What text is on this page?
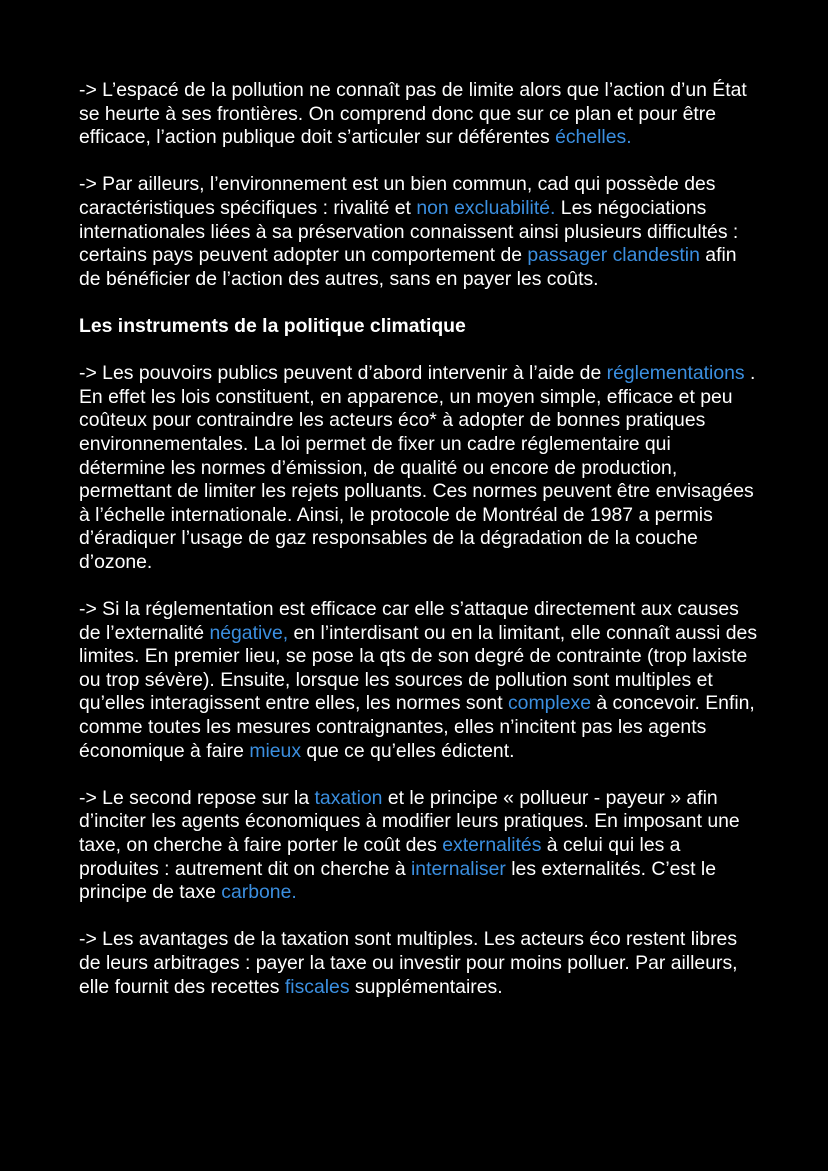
-> L’espacé de la pollution ne connaît pas de limite alors que l’action d’un État se heurte à ses frontières. On comprend donc que sur ce plan et pour être efficace, l’action publique doit s’articuler sur déférentes échelles.

-> Par ailleurs, l’environnement est un bien commun, cad qui possède des caractéristiques spécifiques : rivalité et non excluabilité. Les négociations internationales liées à sa préservation connaissent ainsi plusieurs difficultés : certains pays peuvent adopter un comportement de passager clandestin afin de bénéficier de l’action des autres, sans en payer les coûts.

Les instruments de la politique climatique

-> Les pouvoirs publics peuvent d’abord intervenir à l’aide de réglementations . En effet les lois constituent, en apparence, un moyen simple, efficace et peu coûteux pour contraindre les acteurs éco* à adopter de bonnes pratiques environnementales. La loi permet de fixer un cadre réglementaire qui détermine les normes d’émission, de qualité ou encore de production, permettant de limiter les rejets polluants. Ces normes peuvent être envisagées à l’échelle internationale. Ainsi, le protocole de Montréal de 1987 a permis d’éradiquer l’usage de gaz responsables de la dégradation de la couche d’ozone.

-> Si la réglementation est efficace car elle s’attaque directement aux causes de l’externalité négative, en l’interdisant ou en la limitant, elle connaît aussi des limites. En premier lieu, se pose la qts de son degré de contrainte (trop laxiste ou trop sévère). Ensuite, lorsque les sources de pollution sont multiples et qu’elles interagissent entre elles, les normes sont complexe à concevoir. Enfin, comme toutes les mesures contraignantes, elles n’incitent pas les agents économique à faire mieux que ce qu’elles édictent.

-> Le second repose sur la taxation et le principe « pollueur - payeur » afin d’inciter les agents économiques à modifier leurs pratiques. En imposant une taxe, on cherche à faire porter le coût des externalités à celui qui les a produites : autrement dit on cherche à internaliser les externalités. C’est le principe de taxe carbone.

-> Les avantages de la taxation sont multiples. Les acteurs éco restent libres de leurs arbitrages : payer la taxe ou investir pour moins polluer. Par ailleurs, elle fournit des recettes fiscales supplémentaires.
